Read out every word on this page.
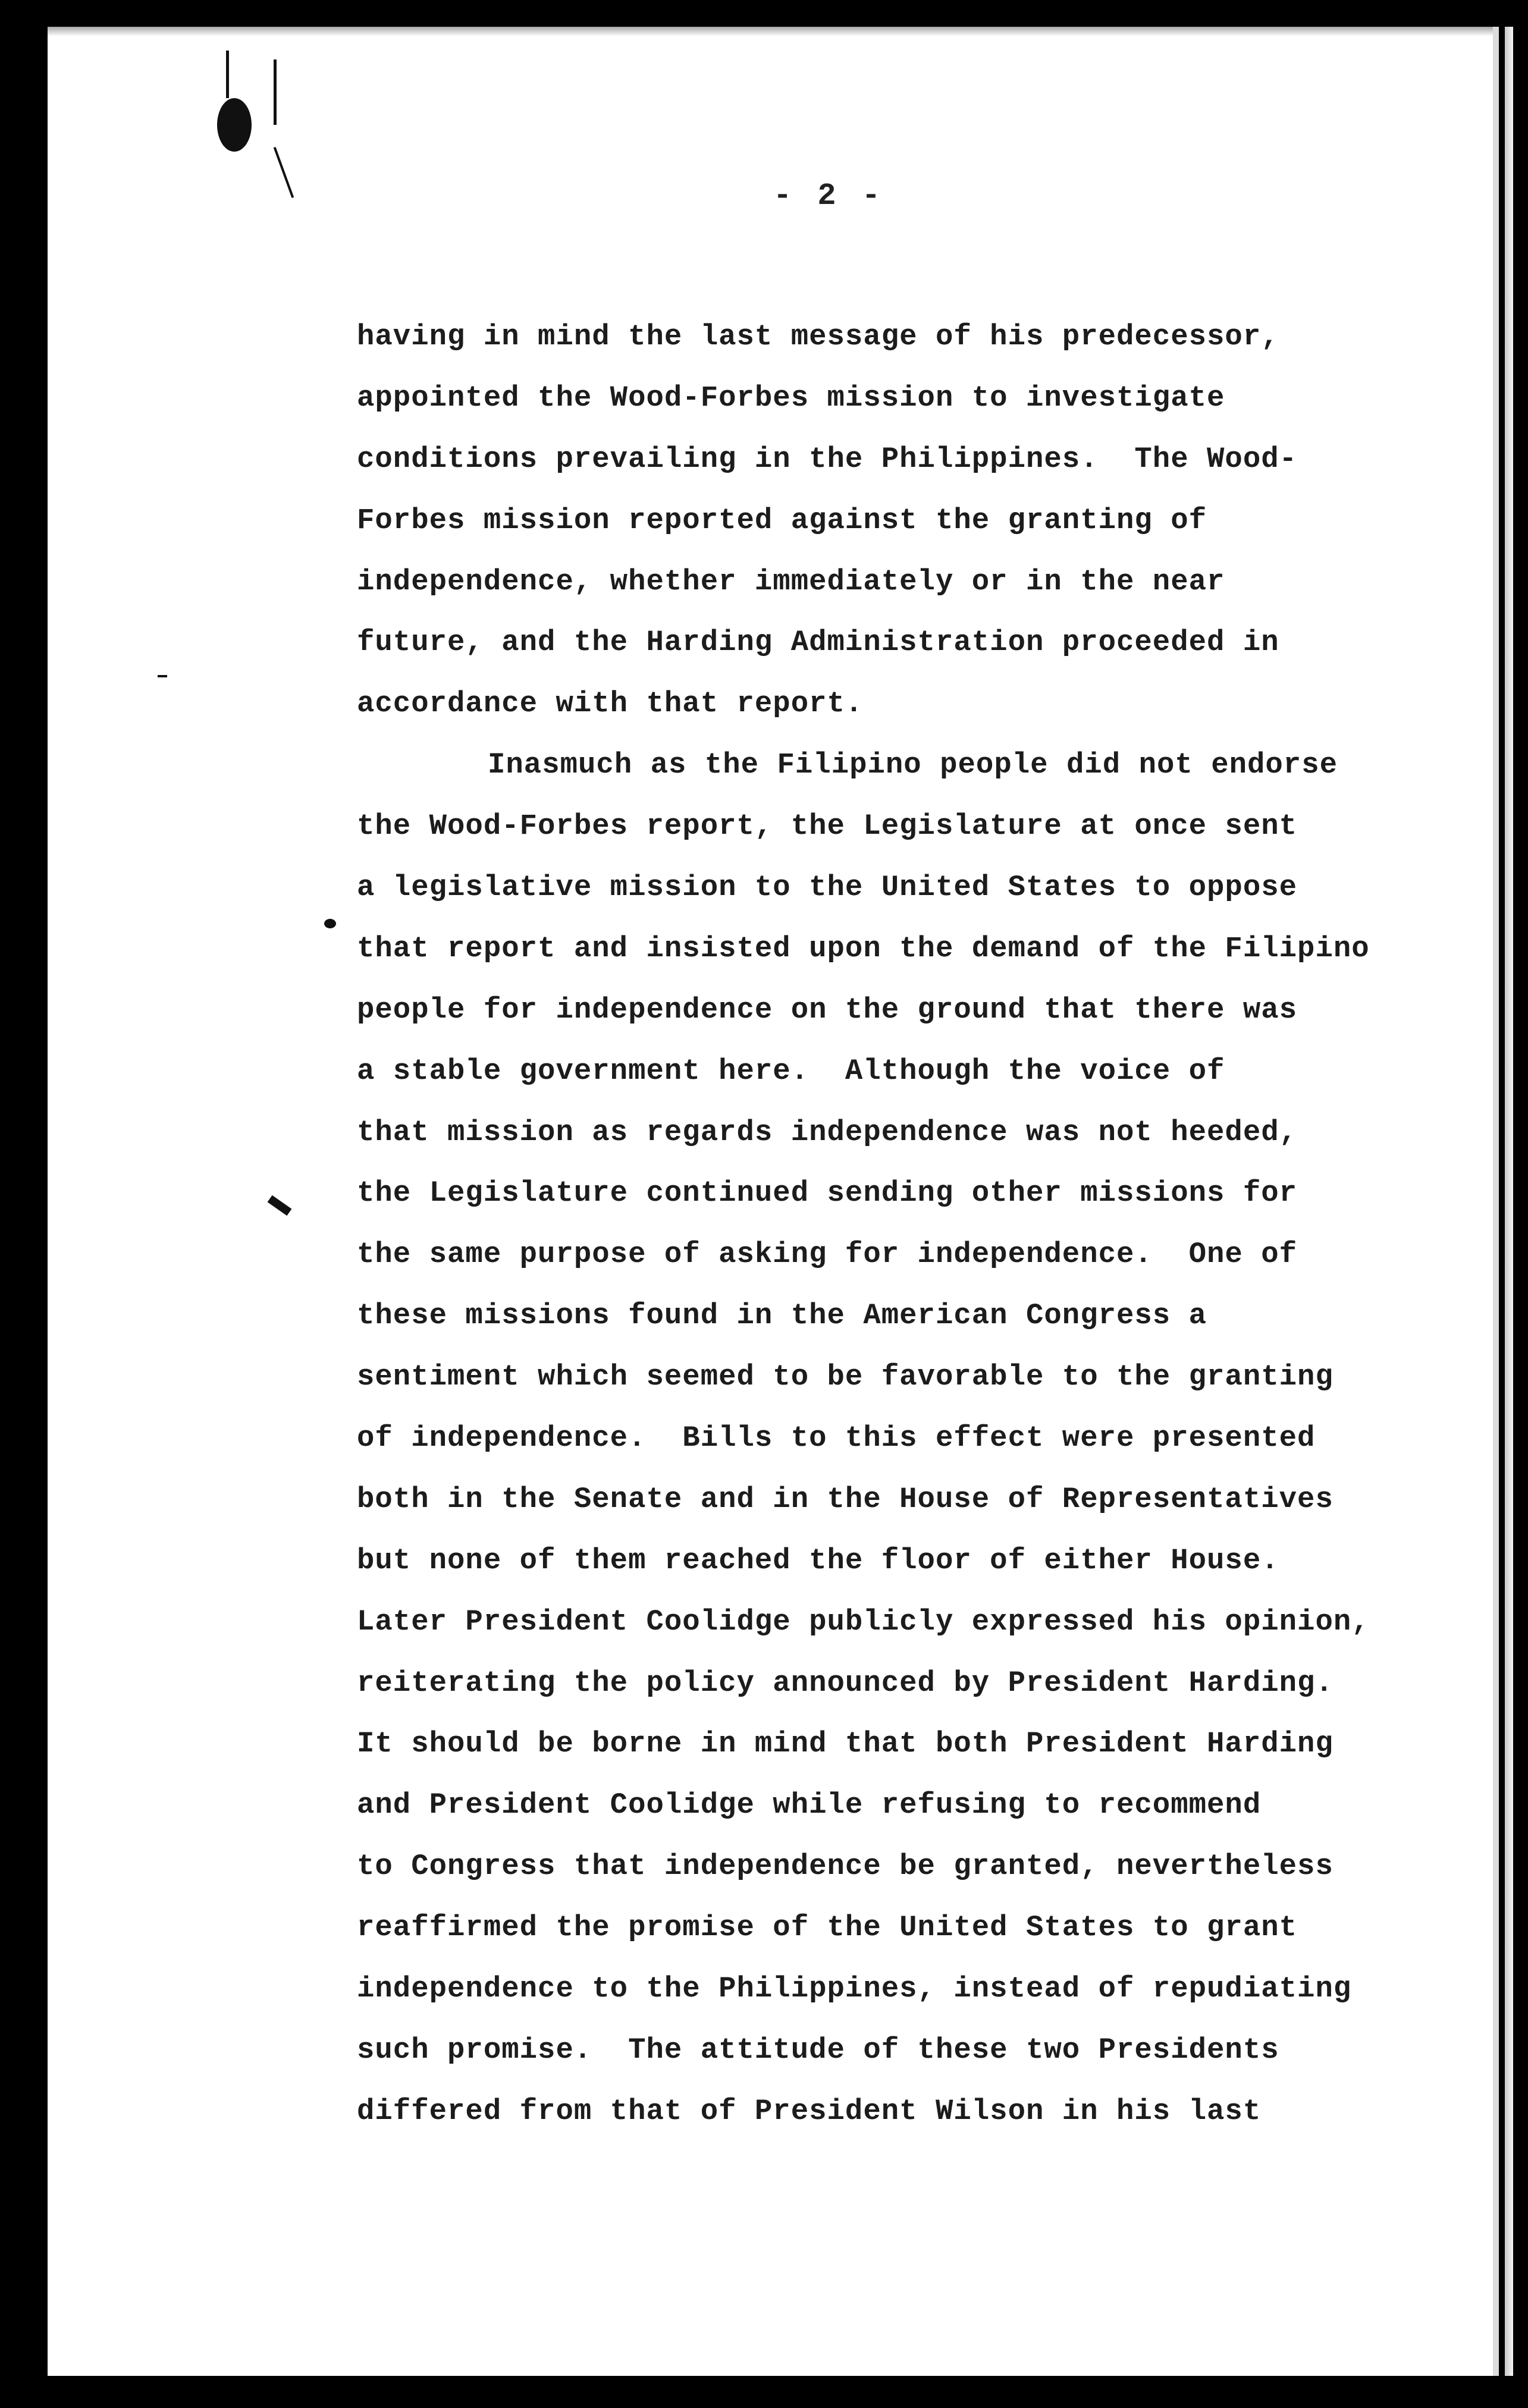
- 2 -
having in mind the last message of his predecessor,
appointed the Wood-Forbes mission to investigate
conditions prevailing in the Philippines.  The Wood-
Forbes mission reported against the granting of
independence, whether immediately or in the near
future, and the Harding Administration proceeded in
accordance with that report.
Inasmuch as the Filipino people did not endorse
the Wood-Forbes report, the Legislature at once sent
a legislative mission to the United States to oppose
that report and insisted upon the demand of the Filipino
people for independence on the ground that there was
a stable government here.  Although the voice of
that mission as regards independence was not heeded,
the Legislature continued sending other missions for
the same purpose of asking for independence.  One of
these missions found in the American Congress a
sentiment which seemed to be favorable to the granting
of independence.  Bills to this effect were presented
both in the Senate and in the House of Representatives
but none of them reached the floor of either House.
Later President Coolidge publicly expressed his opinion,
reiterating the policy announced by President Harding.
It should be borne in mind that both President Harding
and President Coolidge while refusing to recommend
to Congress that independence be granted, nevertheless
reaffirmed the promise of the United States to grant
independence to the Philippines, instead of repudiating
such promise.  The attitude of these two Presidents
differed from that of President Wilson in his last
